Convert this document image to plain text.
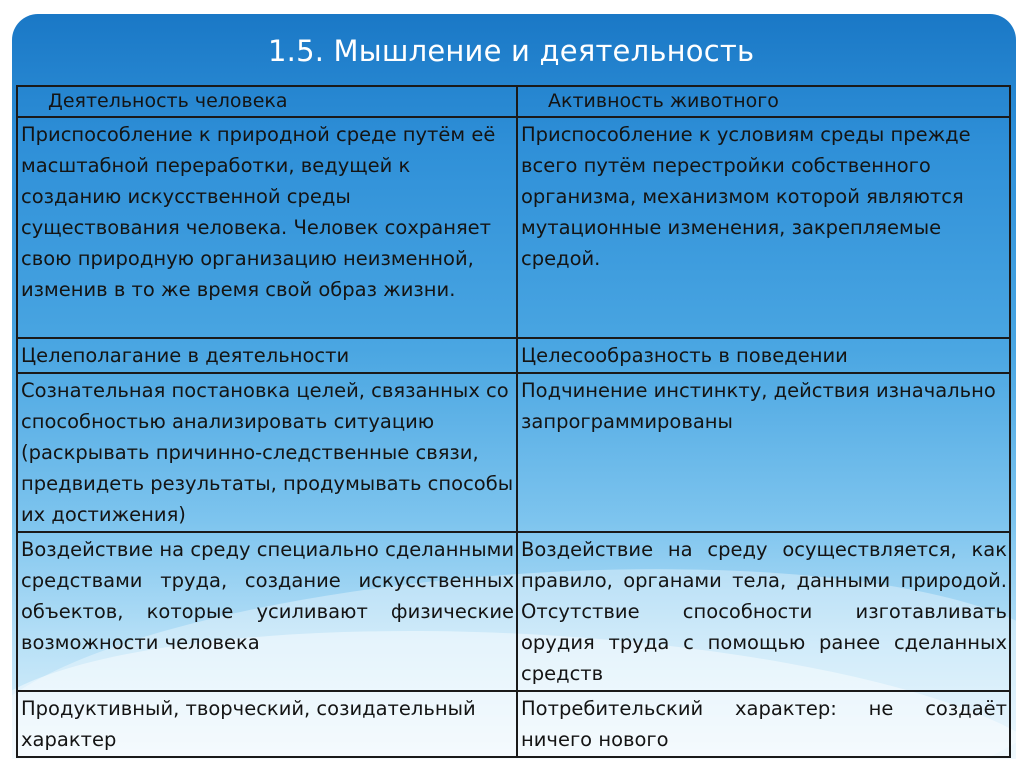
1.5. Мышление и деятельность
Деятельность человека	Активность животного
Приспособление к природной среде путём её масштабной переработки, ведущей к созданию искусственной среды существования человека. Человек сохраняет свою природную организацию неизменной, изменив в то же время свой образ жизни.	Приспособление к условиям среды прежде всего путём перестройки собственного организма, механизмом которой являются мутационные изменения, закрепляемые средой.
Целеполагание в деятельности	Целесообразность в поведении
Сознательная постановка целей, связанных со способностью анализировать ситуацию (раскрывать причинно-следственные связи, предвидеть результаты, продумывать способы их достижения)	Подчинение инстинкту, действия изначально запрограммированы
Воздействие на среду специально сделанными средствами труда, создание искусственных объектов, которые усиливают физические возможности человека	Воздействие на среду осуществляется, как правило, органами тела, данными природой. Отсутствие способности изготавливать орудия труда с помощью ранее сделанных средств
Продуктивный, творческий, созидательный характер	Потребительский характер: не создаёт ничего нового
